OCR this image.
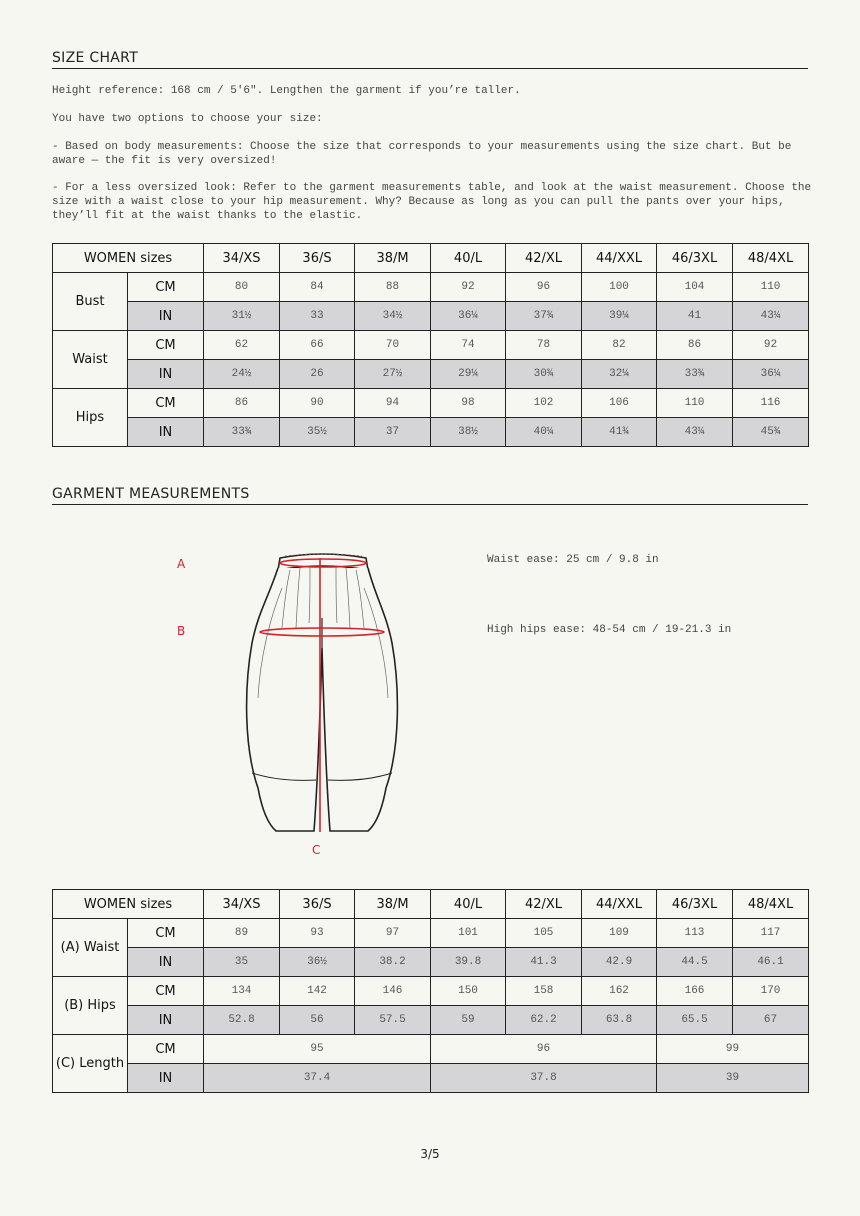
SIZE CHART

Height reference: 168 cm / 5'6". Lengthen the garment if you’re taller.

You have two options to choose your size:

- Based on body measurements: Choose the size that corresponds to your measurements using the size chart. But be aware — the fit is very oversized!

- For a less oversized look: Refer to the garment measurements table, and look at the waist measurement. Choose the size with a waist close to your hip measurement. Why? Because as long as you can pull the pants over your hips, they’ll fit at the waist thanks to the elastic.

WOMEN sizes		34/XS	36/S	38/M	40/L	42/XL	44/XXL	46/3XL	48/4XL
Bust	CM	80	84	88	92	96	100	104	110
	IN	31½	33	34½	36¼	37¾	39¼	41	43¼
Waist	CM	62	66	70	74	78	82	86	92
	IN	24½	26	27½	29¼	30¾	32¼	33¾	36¼
Hips	CM	86	90	94	98	102	106	110	116
	IN	33¾	35½	37	38½	40¼	41¾	43¼	45¾
GARMENT MEASUREMENTS
A
B
C
Waist ease: 25 cm / 9.8 in
High hips ease: 48-54 cm / 19-21.3 in
WOMEN sizes		34/XS	36/S	38/M	40/L	42/XL	44/XXL	46/3XL	48/4XL
(A) Waist	CM	89	93	97	101	105	109	113	117
	IN	35	36½	38.2	39.8	41.3	42.9	44.5	46.1
(B) Hips	CM	134	142	146	150	158	162	166	170
	IN	52.8	56	57.5	59	62.2	63.8	65.5	67
(C) Length	CM	95			96			99	
	IN	37.4			37.8			39	
3/5
